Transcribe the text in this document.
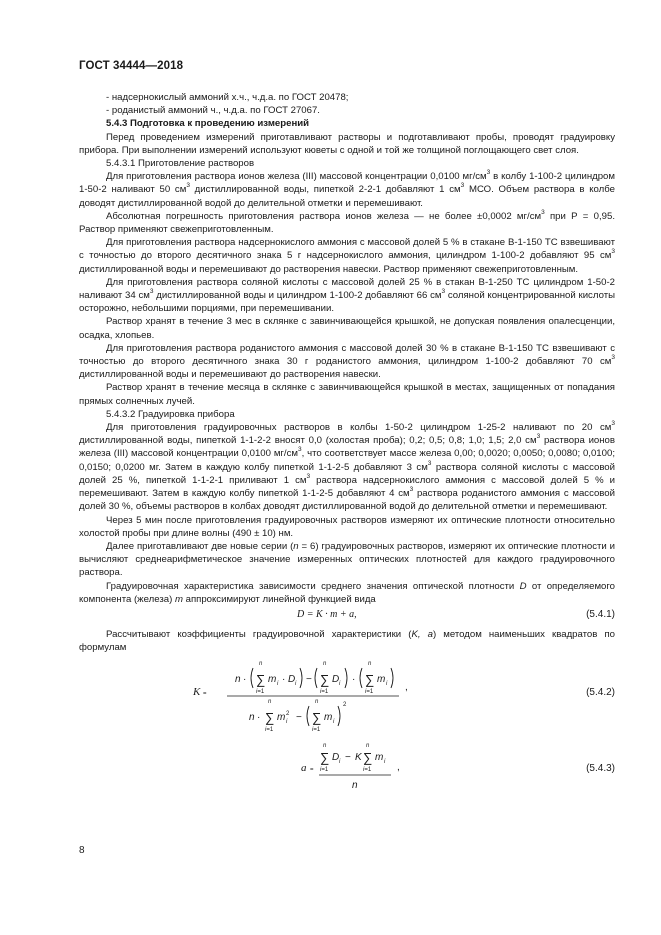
ГОСТ 34444—2018

- надсернокислый аммоний х.ч., ч.д.а. по ГОСТ 20478;

- роданистый аммоний ч., ч.д.а. по ГОСТ 27067.

5.4.3 Подготовка к проведению измерений

Перед проведением измерений приготавливают растворы и подготавливают пробы, проводят градуировку прибора. При выполнении измерений используют кюветы с одной и той же толщиной поглощающего свет слоя.

5.4.3.1 Приготовление растворов

Для приготовления раствора ионов железа (III) массовой концентрации 0,0100 $мг/см^3$ в колбу 1-100-2 цилиндром 1-50-2 наливают 50 $см^3$ дистиллированной воды, пипеткой 2-2-1 добавляют 1 $см^3$ МСО. Объем раствора в колбе доводят дистиллированной водой до делительной отметки и перемешивают.

Абсолютная погрешность приготовления раствора ионов железа — не более ±0,0002 $мг/см^3$ при Р = 0,95. Раствор применяют свежеприготовленным.

Для приготовления раствора надсернокислого аммония с массовой долей 5 % в стакане В-1-150 ТС взвешивают с точностью до второго десятичного знака 5 г надсернокислого аммония, цилиндром 1-100-2 добавляют 95 $см^3$ дистиллированной воды и перемешивают до растворения навески. Раствор применяют свежеприготовленным.

Для приготовления раствора соляной кислоты с массовой долей 25 % в стакан В-1-250 ТС цилиндром 1-50-2 наливают 34 $см^3$ дистиллированной воды и цилиндром 1-100-2 добавляют 66 $см^3$ соляной концентрированной кислоты осторожно, небольшими порциями, при перемешивании.

Раствор хранят в течение 3 мес в склянке с завинчивающейся крышкой, не допуская появления опалесценции, осадка, хлопьев.

Для приготовления раствора роданистого аммония с массовой долей 30 % в стакане В-1-150 ТС взвешивают с точностью до второго десятичного знака 30 г роданистого аммония, цилиндром 1-100-2 добавляют 70 $см^3$ дистиллированной воды и перемешивают до растворения навески.

Раствор хранят в течение месяца в склянке с завинчивающейся крышкой в местах, защищенных от попадания прямых солнечных лучей.

5.4.3.2 Градуировка прибора

Для приготовления градуировочных растворов в колбы 1-50-2 цилиндром 1-25-2 наливают по 20 $см^3$ дистиллированной воды, пипеткой 1-1-2-2 вносят 0,0 (холостая проба); 0,2; 0,5; 0,8; 1,0; 1,5; 2,0 $см^3$ раствора ионов железа (III) массовой концентрации 0,0100 $мг/см^3$, что соответствует массе железа 0,00; 0,0020; 0,0050; 0,0080; 0,0100; 0,0150; 0,0200 мг. Затем в каждую колбу пипеткой 1-1-2-5 добавляют 3 $см^3$ раствора соляной кислоты с массовой долей 25 %, пипеткой 1-1-2-1 приливают 1 $см^3$ раствора надсернокислого аммония с массовой долей 5 % и перемешивают. Затем в каждую колбу пипеткой 1-1-2-5 добавляют 4 $см^3$ раствора роданистого аммония с массовой долей 30 %, объемы растворов в колбах доводят дистиллированной водой до делительной отметки и перемешивают.

Через 5 мин после приготовления градуировочных растворов измеряют их оптические плотности относительно холостой пробы при длине волны (490 ± 10) нм.

Далее приготавливают две новые серии (n = 6) градуировочных растворов, измеряют их оптические плотности и вычисляют среднеарифметическое значение измеренных оптических плотностей для каждого градуировочного раствора.

Градуировочная характеристика зависимости среднего значения оптической плотности D от определяемого компонента (железа) m аппроксимируют линейной функцией вида

D = K · m + a,	(5.4.1)

Рассчитывают коэффициенты градуировочной характеристики (K, a) методом наименьших квадратов по формулам

K =
n ·
n
∑
i=1
m i · D i −
n
∑
i=1
D i ·
n
∑
i=1
m i
n ·
n
∑
i=1
m 2
i −
n
∑
i=1
m i
2
,	(5.4.2)
a =
n
∑
i=1
D i − K
n
∑
i=1
m i
n
,	(5.4.3)
8
